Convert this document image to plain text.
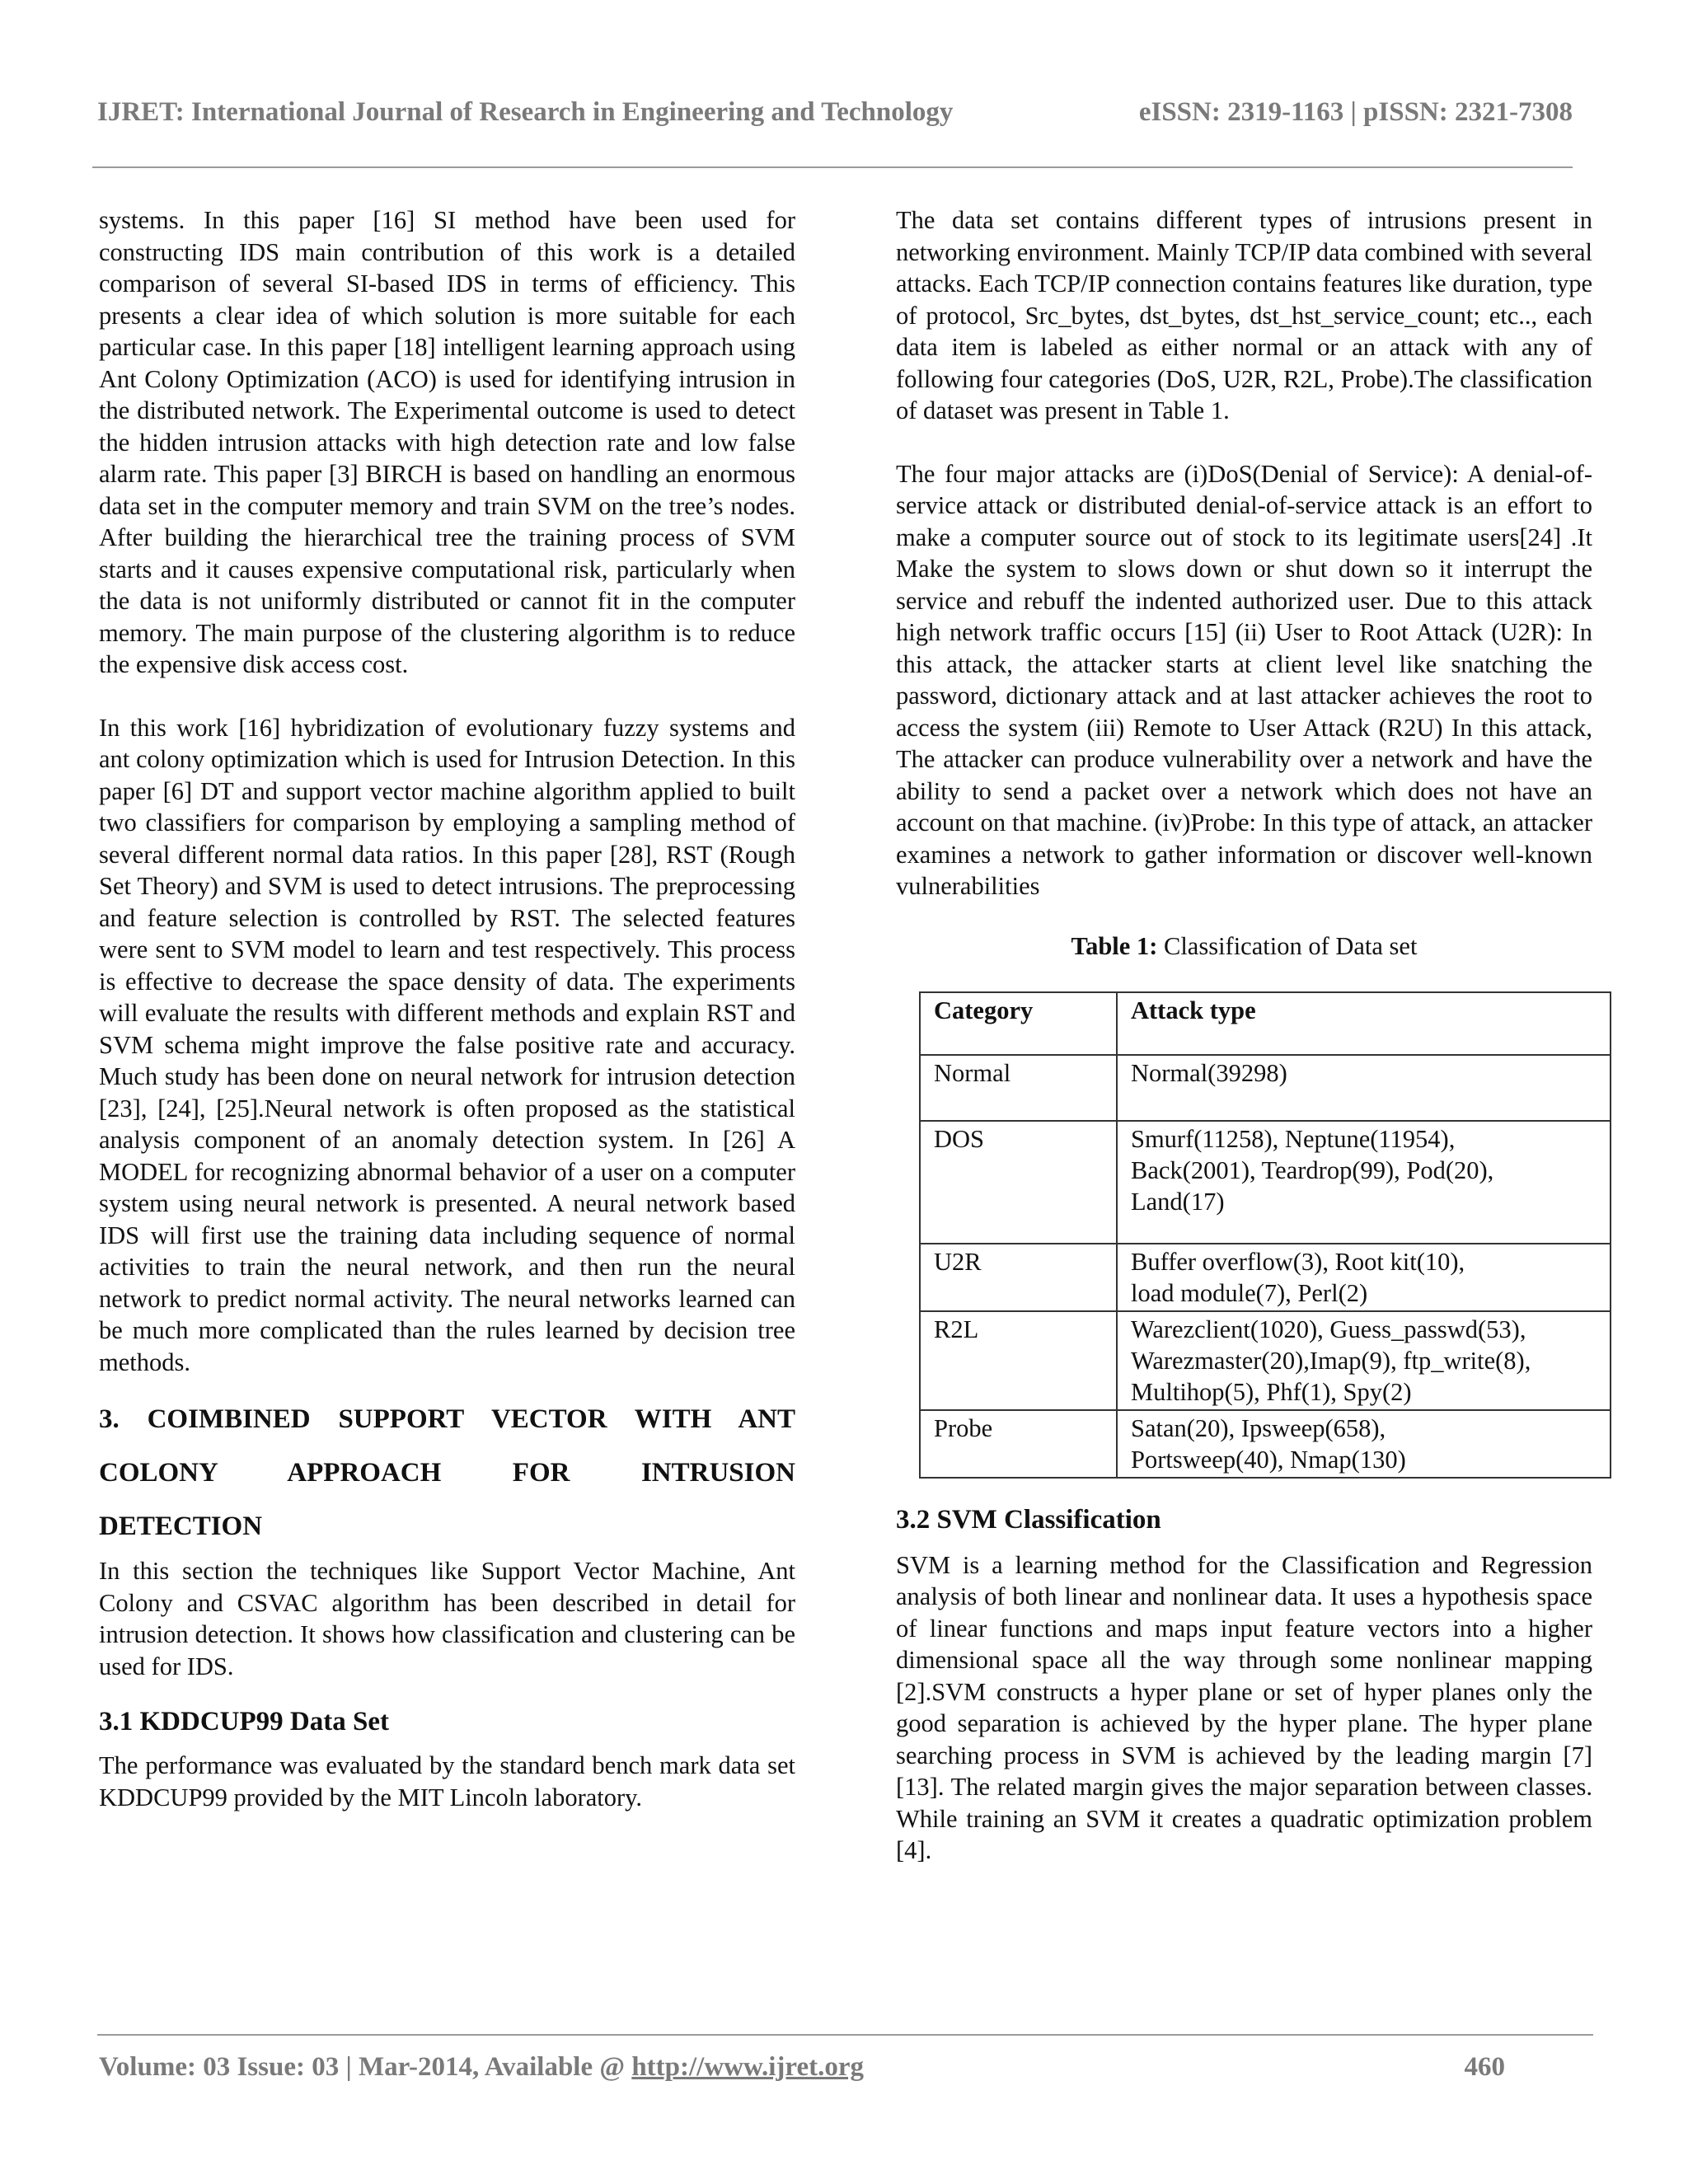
IJRET: International Journal of Research in Engineering and Technology	eISSN: 2319-1163 | pISSN: 2321-7308

systems. In this paper [16] SI method have been used for constructing IDS main contribution of this work is a detailed comparison of several SI-based IDS in terms of efficiency. This presents a clear idea of which solution is more suitable for each particular case. In this paper [18] intelligent learning approach using Ant Colony Optimization (ACO) is used for identifying intrusion in the distributed network. The Experimental outcome is used to detect the hidden intrusion attacks with high detection rate and low false alarm rate. This paper [3] BIRCH is based on handling an enormous data set in the computer memory and train SVM on the tree’s nodes. After building the hierarchical tree the training process of SVM starts and it causes expensive computational risk, particularly when the data is not uniformly distributed or cannot fit in the computer memory. The main purpose of the clustering algorithm is to reduce the expensive disk access cost.

In this work [16] hybridization of evolutionary fuzzy systems and ant colony optimization which is used for Intrusion Detection. In this paper [6] DT and support vector machine algorithm applied to built two classifiers for comparison by employing a sampling method of several different normal data ratios. In this paper [28], RST (Rough Set Theory) and SVM is used to detect intrusions. The preprocessing and feature selection is controlled by RST. The selected features were sent to SVM model to learn and test respectively. This process is effective to decrease the space density of data. The experiments will evaluate the results with different methods and explain RST and SVM schema might improve the false positive rate and accuracy. Much study has been done on neural network for intrusion detection [23], [24], [25].Neural network is often proposed as the statistical analysis component of an anomaly detection system. In [26] A MODEL for recognizing abnormal behavior of a user on a computer system using neural network is presented. A neural network based IDS will first use the training data including sequence of normal activities to train the neural network, and then run the neural network to predict normal activity. The neural networks learned can be much more complicated than the rules learned by decision tree methods.

3. COIMBINED SUPPORT VECTOR WITH ANT COLONY APPROACH FOR INTRUSION
DETECTION

In this section the techniques like Support Vector Machine, Ant Colony and CSVAC algorithm has been described in detail for intrusion detection. It shows how classification and clustering can be used for IDS.

3.1 KDDCUP99 Data Set

The performance was evaluated by the standard bench mark data set KDDCUP99 provided by the MIT Lincoln laboratory.

The data set contains different types of intrusions present in networking environment. Mainly TCP/IP data combined with several attacks. Each TCP/IP connection contains features like duration, type of protocol, Src_bytes, dst_bytes, dst_hst_service_count; etc.., each data item is labeled as either normal or an attack with any of following four categories (DoS, U2R, R2L, Probe).The classification of dataset was present in Table 1.

The four major attacks are (i)DoS(Denial of Service): A denial-of-service attack or distributed denial-of-service attack is an effort to make a computer source out of stock to its legitimate users[24] .It Make the system to slows down or shut down so it interrupt the service and rebuff the indented authorized user. Due to this attack high network traffic occurs [15] (ii) User to Root Attack (U2R): In this attack, the attacker starts at client level like snatching the password, dictionary attack and at last attacker achieves the root to access the system (iii) Remote to User Attack (R2U) In this attack, The attacker can produce vulnerability over a network and have the ability to send a packet over a network which does not have an account on that machine. (iv)Probe: In this type of attack, an attacker examines a network to gather information or discover well-known vulnerabilities

Table 1: Classification of Data set
Category	Attack type
Normal	Normal(39298)

DOS	Smurf(11258), Neptune(11954),
Back(2001), Teardrop(99), Pod(20),
Land(17)

U2R	Buffer overflow(3), Root kit(10),
load module(7), Perl(2)

R2L	Warezclient(1020), Guess_passwd(53),
Warezmaster(20),Imap(9), ftp_write(8),
Multihop(5), Phf(1), Spy(2)

Probe	Satan(20), Ipsweep(658),
Portsweep(40), Nmap(130)
3.2 SVM Classification

SVM is a learning method for the Classification and Regression analysis of both linear and nonlinear data. It uses a hypothesis space of linear functions and maps input feature vectors into a higher dimensional space all the way through some nonlinear mapping [2].SVM constructs a hyper plane or set of hyper planes only the good separation is achieved by the hyper plane. The hyper plane searching process in SVM is achieved by the leading margin [7] [13]. The related margin gives the major separation between classes. While training an SVM it creates a quadratic optimization problem [4].

Volume: 03 Issue: 03 | Mar-2014, Available @ http://www.ijret.org	460
